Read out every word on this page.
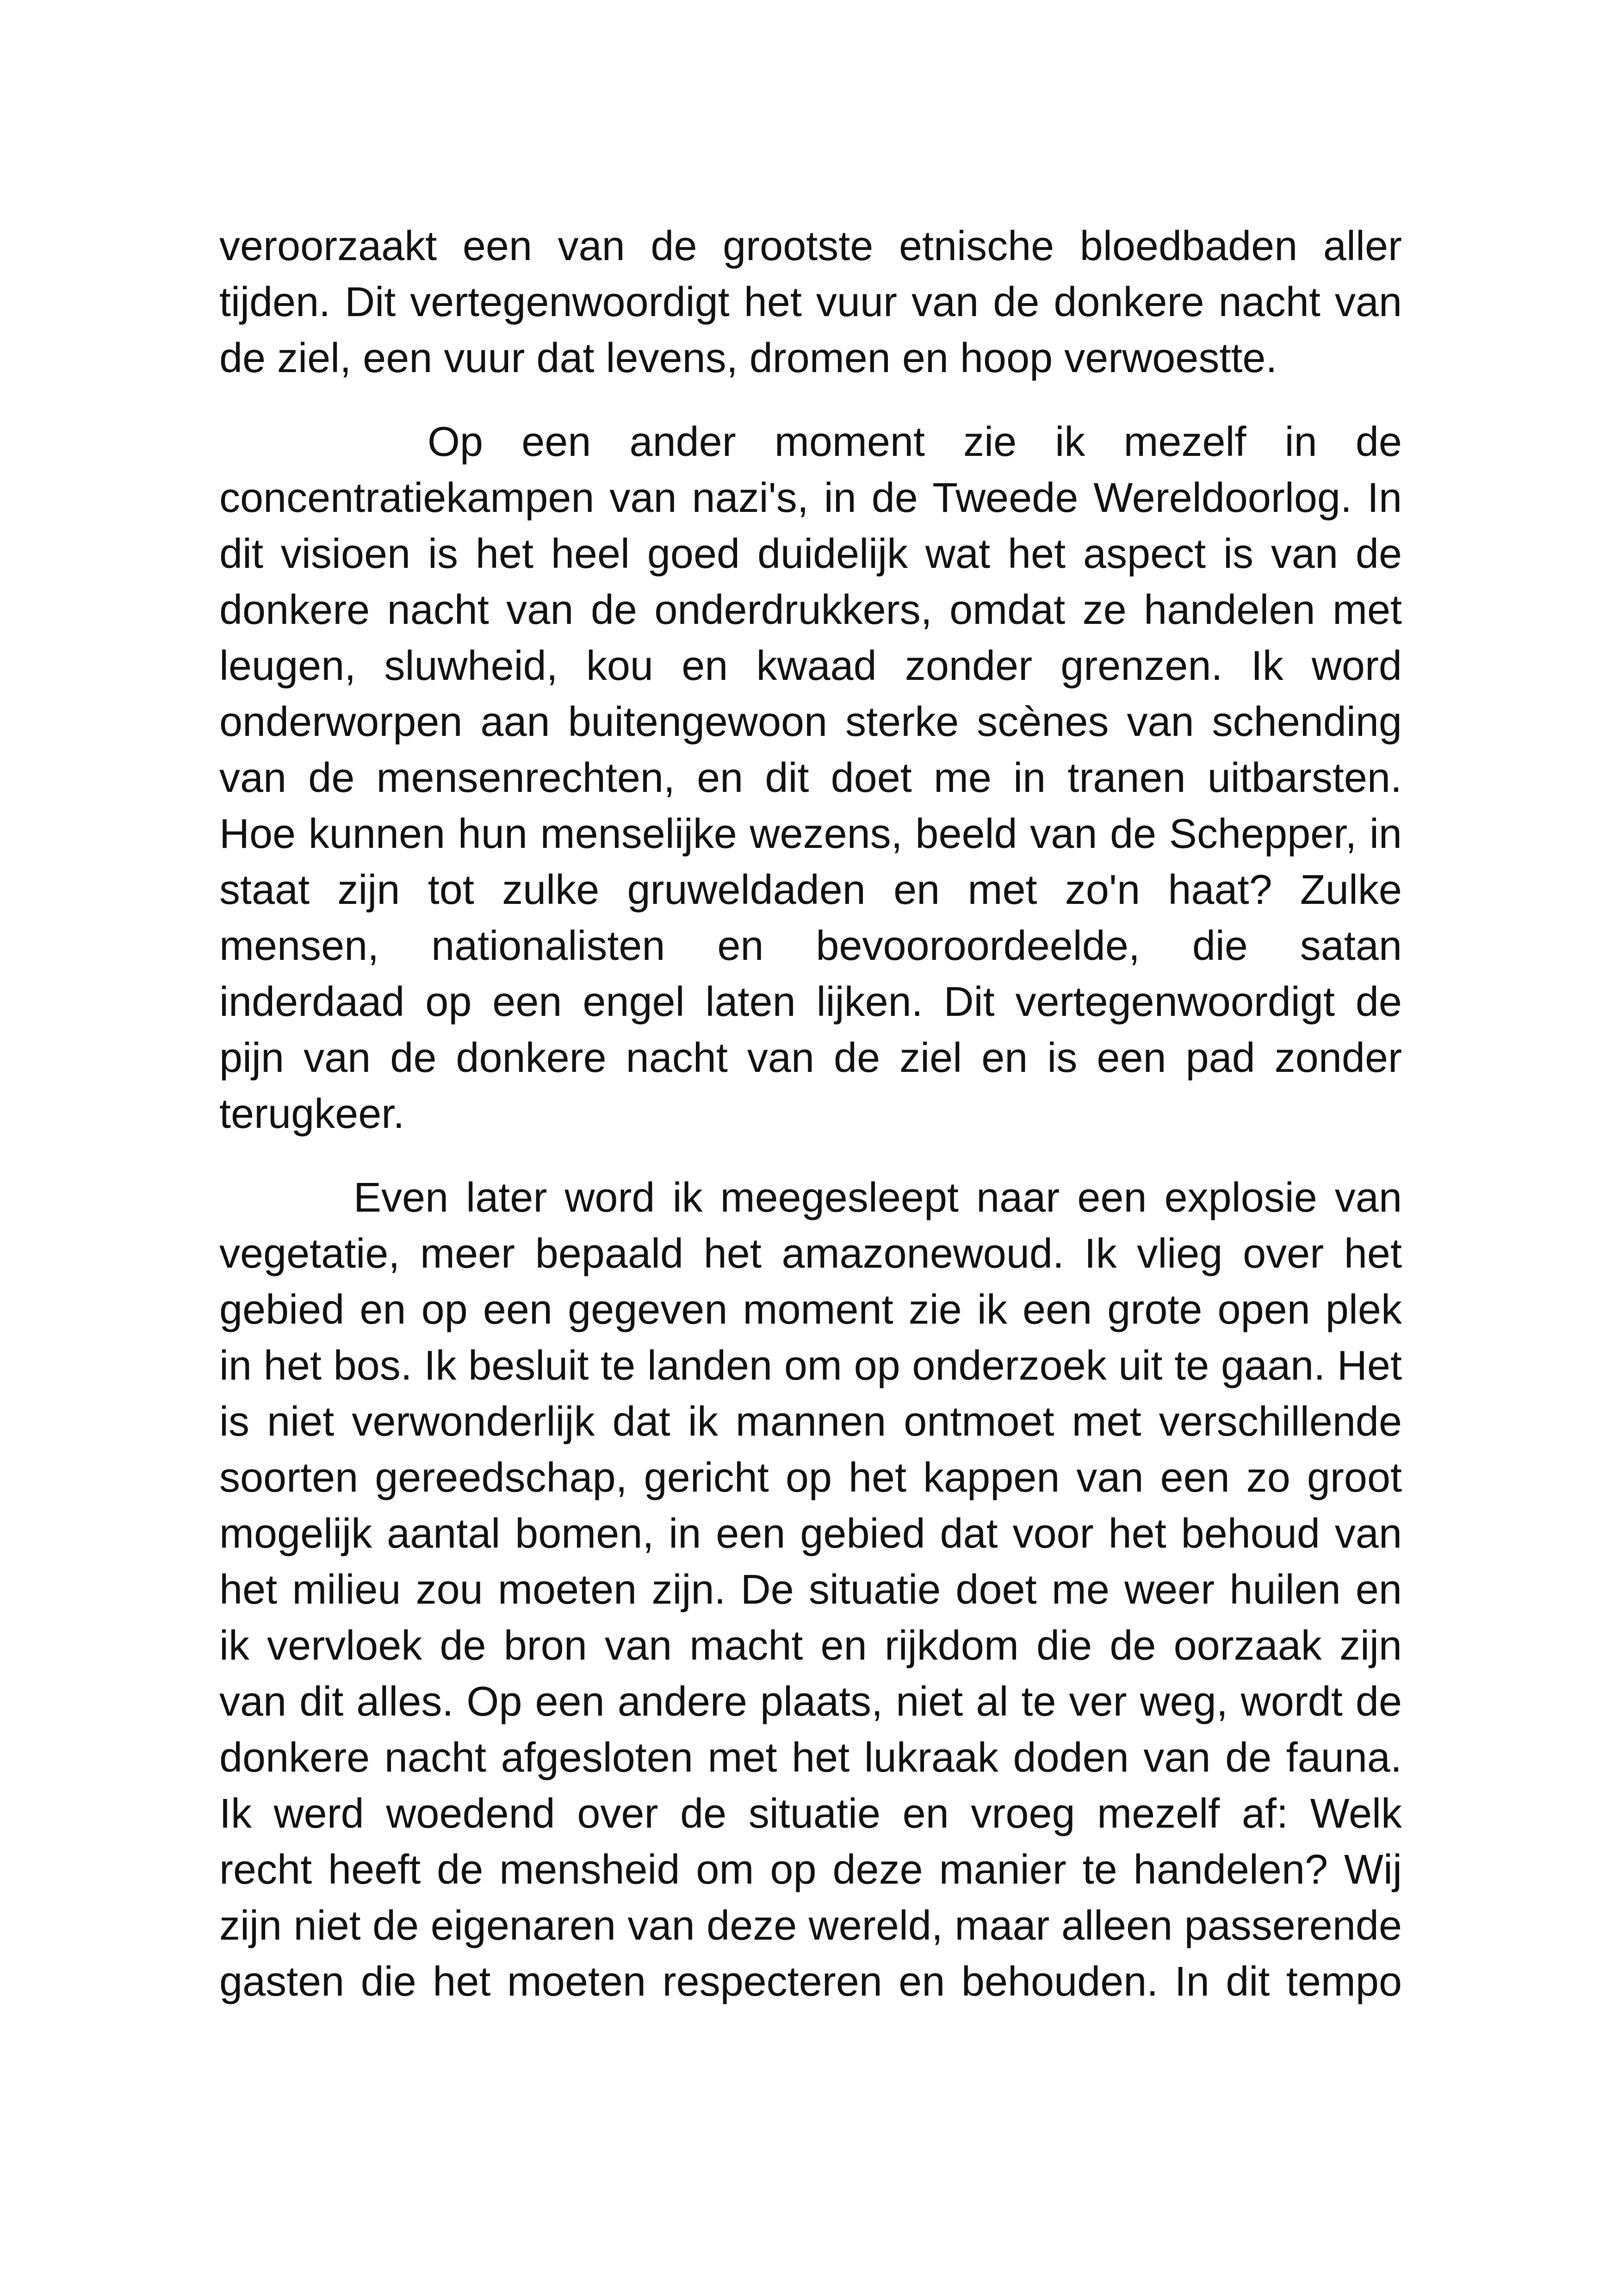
veroorzaakt een van de grootste etnische bloedbaden aller
tijden. Dit vertegenwoordigt het vuur van de donkere nacht van
de ziel, een vuur dat levens, dromen en hoop verwoestte.
Op een ander moment zie ik mezelf in de
concentratiekampen van nazi's, in de Tweede Wereldoorlog. In
dit visioen is het heel goed duidelijk wat het aspect is van de
donkere nacht van de onderdrukkers, omdat ze handelen met
leugen, sluwheid, kou en kwaad zonder grenzen. Ik word
onderworpen aan buitengewoon sterke scènes van schending
van de mensenrechten, en dit doet me in tranen uitbarsten.
Hoe kunnen hun menselijke wezens, beeld van de Schepper, in
staat zijn tot zulke gruweldaden en met zo'n haat? Zulke
mensen, nationalisten en bevooroordeelde, die satan
inderdaad op een engel laten lijken. Dit vertegenwoordigt de
pijn van de donkere nacht van de ziel en is een pad zonder
terugkeer.
Even later word ik meegesleept naar een explosie van
vegetatie, meer bepaald het amazonewoud. Ik vlieg over het
gebied en op een gegeven moment zie ik een grote open plek
in het bos. Ik besluit te landen om op onderzoek uit te gaan. Het
is niet verwonderlijk dat ik mannen ontmoet met verschillende
soorten gereedschap, gericht op het kappen van een zo groot
mogelijk aantal bomen, in een gebied dat voor het behoud van
het milieu zou moeten zijn. De situatie doet me weer huilen en
ik vervloek de bron van macht en rijkdom die de oorzaak zijn
van dit alles. Op een andere plaats, niet al te ver weg, wordt de
donkere nacht afgesloten met het lukraak doden van de fauna.
Ik werd woedend over de situatie en vroeg mezelf af: Welk
recht heeft de mensheid om op deze manier te handelen? Wij
zijn niet de eigenaren van deze wereld, maar alleen passerende
gasten die het moeten respecteren en behouden. In dit tempo
